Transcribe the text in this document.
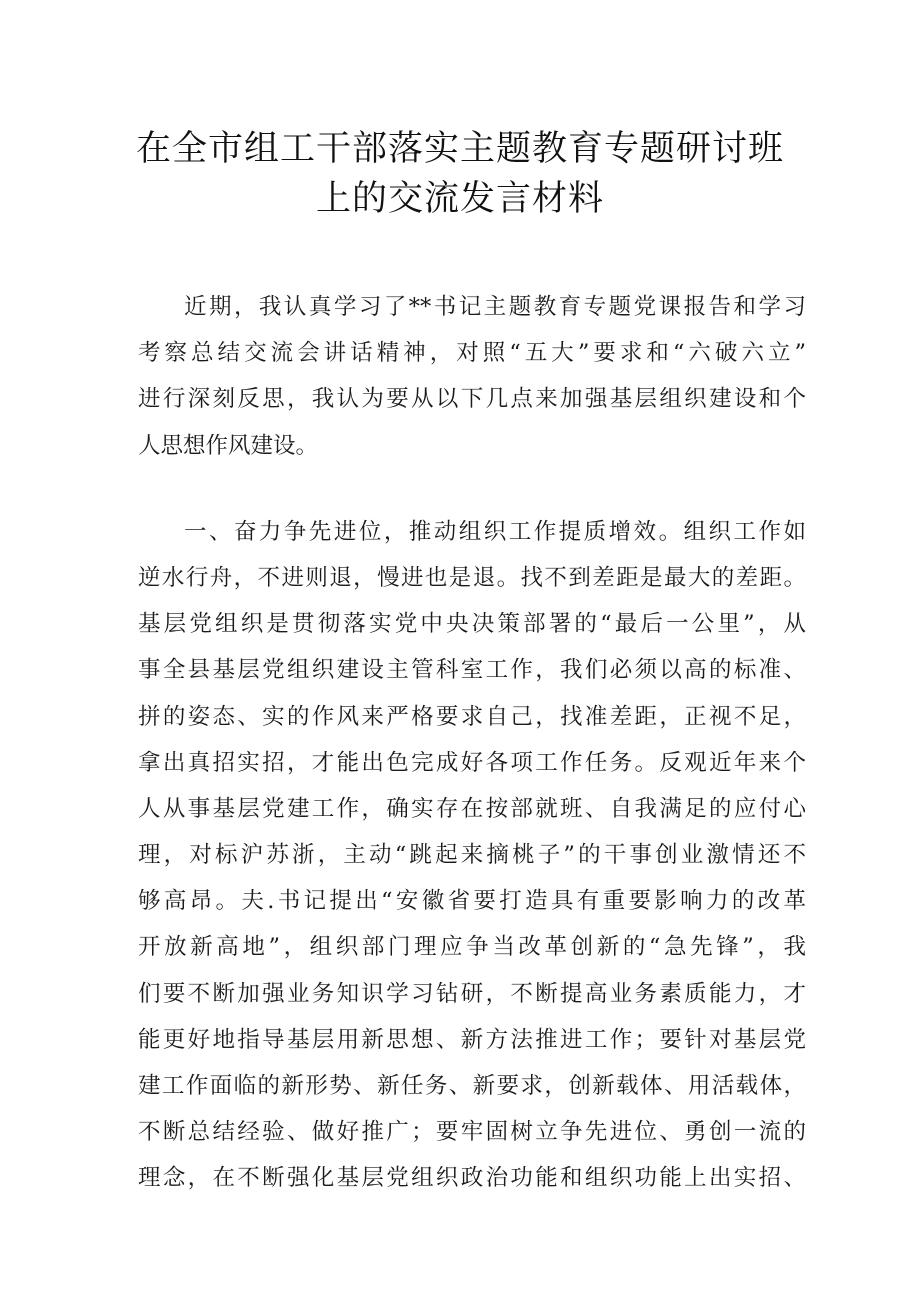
在全市组工干部落实主题教育专题研讨班
上的交流发言材料
近期，我认真学习了**书记主题教育专题党课报告和学习
考察总结交流会讲话精神，对照“五大”要求和“六破六立”
进行深刻反思，我认为要从以下几点来加强基层组织建设和个
人思想作风建设。
一、奋力争先进位，推动组织工作提质增效。组织工作如
逆水行舟，不进则退，慢进也是退。找不到差距是最大的差距。
基层党组织是贯彻落实党中央决策部署的“最后一公里”，从
事全县基层党组织建设主管科室工作，我们必须以高的标准、
拼的姿态、实的作风来严格要求自己，找准差距，正视不足，
拿出真招实招，才能出色完成好各项工作任务。反观近年来个
人从事基层党建工作，确实存在按部就班、自我满足的应付心
理，对标沪苏浙，主动“跳起来摘桃子”的干事创业激情还不
够高昂。夫.书记提出“安徽省要打造具有重要影响力的改革
开放新高地”，组织部门理应争当改革创新的“急先锋”，我
们要不断加强业务知识学习钻研，不断提高业务素质能力，才
能更好地指导基层用新思想、新方法推进工作；要针对基层党
建工作面临的新形势、新任务、新要求，创新载体、用活载体，
不断总结经验、做好推广；要牢固树立争先进位、勇创一流的
理念，在不断强化基层党组织政治功能和组织功能上出实招、
